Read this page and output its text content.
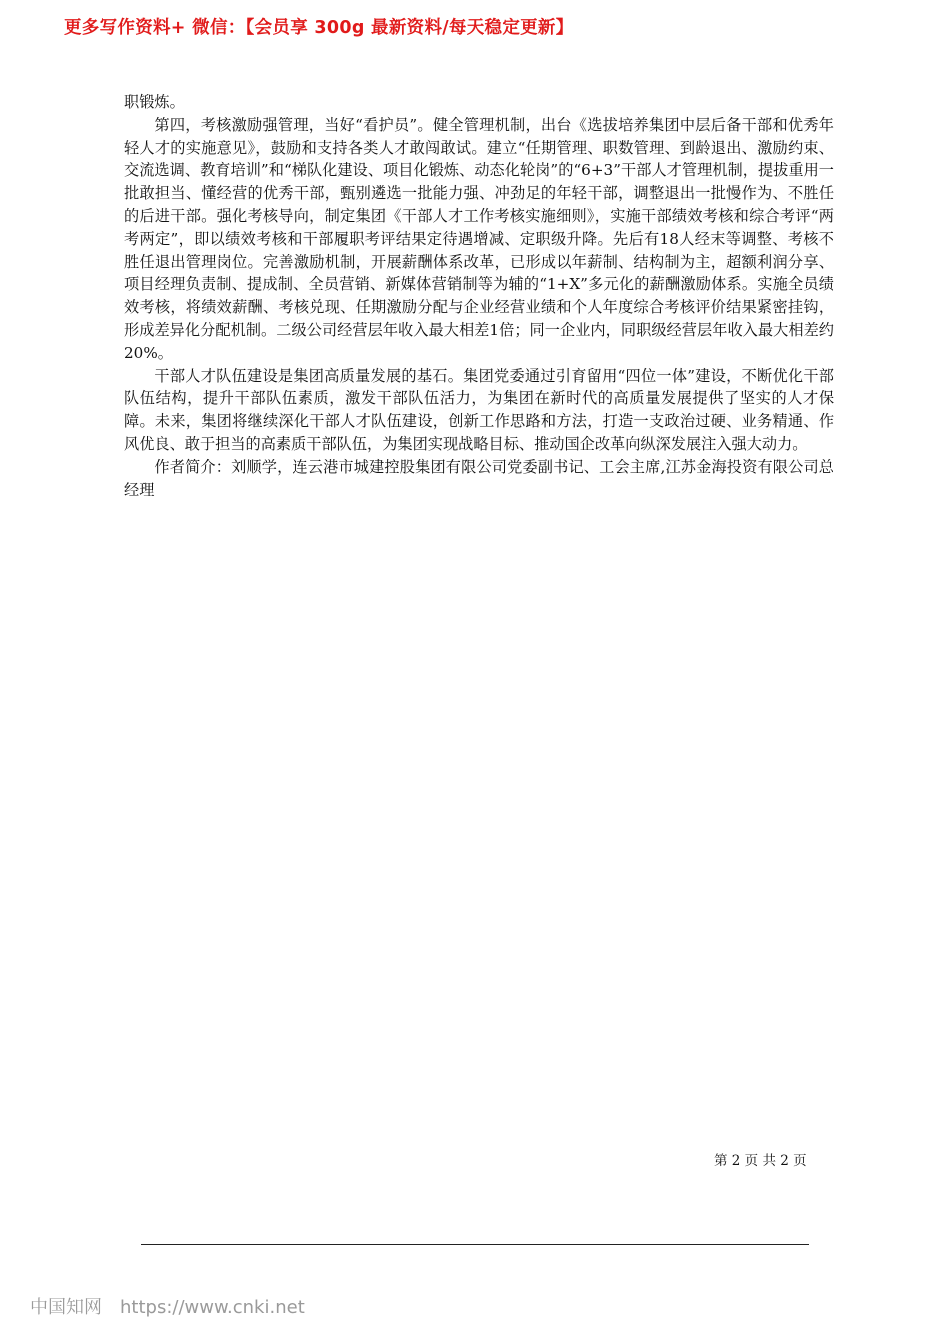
更多写作资料+ 微信：【会员享 300g 最新资料/每天稳定更新】

职锻炼。

第四，考核激励强管理，当好“看护员”。健全管理机制，出台《选拔培养集团中层后备干部和优秀年轻人才的实施意见》，鼓励和支持各类人才敢闯敢试。建立“任期管理、职数管理、到龄退出、激励约束、交流选调、教育培训”和“梯队化建设、项目化锻炼、动态化轮岗”的“6+3”干部人才管理机制，提拔重用一批敢担当、懂经营的优秀干部，甄别遴选一批能力强、冲劲足的年轻干部，调整退出一批慢作为、不胜任的后进干部。强化考核导向，制定集团《干部人才工作考核实施细则》，实施干部绩效考核和综合考评“两考两定”，即以绩效考核和干部履职考评结果定待遇增减、定职级升降。先后有18人经末等调整、考核不胜任退出管理岗位。完善激励机制，开展薪酬体系改革，已形成以年薪制、结构制为主，超额利润分享、项目经理负责制、提成制、全员营销、新媒体营销制等为辅的“1+X”多元化的薪酬激励体系。实施全员绩效考核，将绩效薪酬、考核兑现、任期激励分配与企业经营业绩和个人年度综合考核评价结果紧密挂钩，形成差异化分配机制。二级公司经营层年收入最大相差1倍；同一企业内，同职级经营层年收入最大相差约20%。

干部人才队伍建设是集团高质量发展的基石。集团党委通过引育留用“四位一体”建设，不断优化干部队伍结构，提升干部队伍素质，激发干部队伍活力，为集团在新时代的高质量发展提供了坚实的人才保障。未来，集团将继续深化干部人才队伍建设，创新工作思路和方法，打造一支政治过硬、业务精通、作风优良、敢于担当的高素质干部队伍，为集团实现战略目标、推动国企改革向纵深发展注入强大动力。

作者简介：刘顺学，连云港市城建控股集团有限公司党委副书记、工会主席,江苏金海投资有限公司总经理

第 2 页 共 2 页
中国知网 https://www.cnki.net
